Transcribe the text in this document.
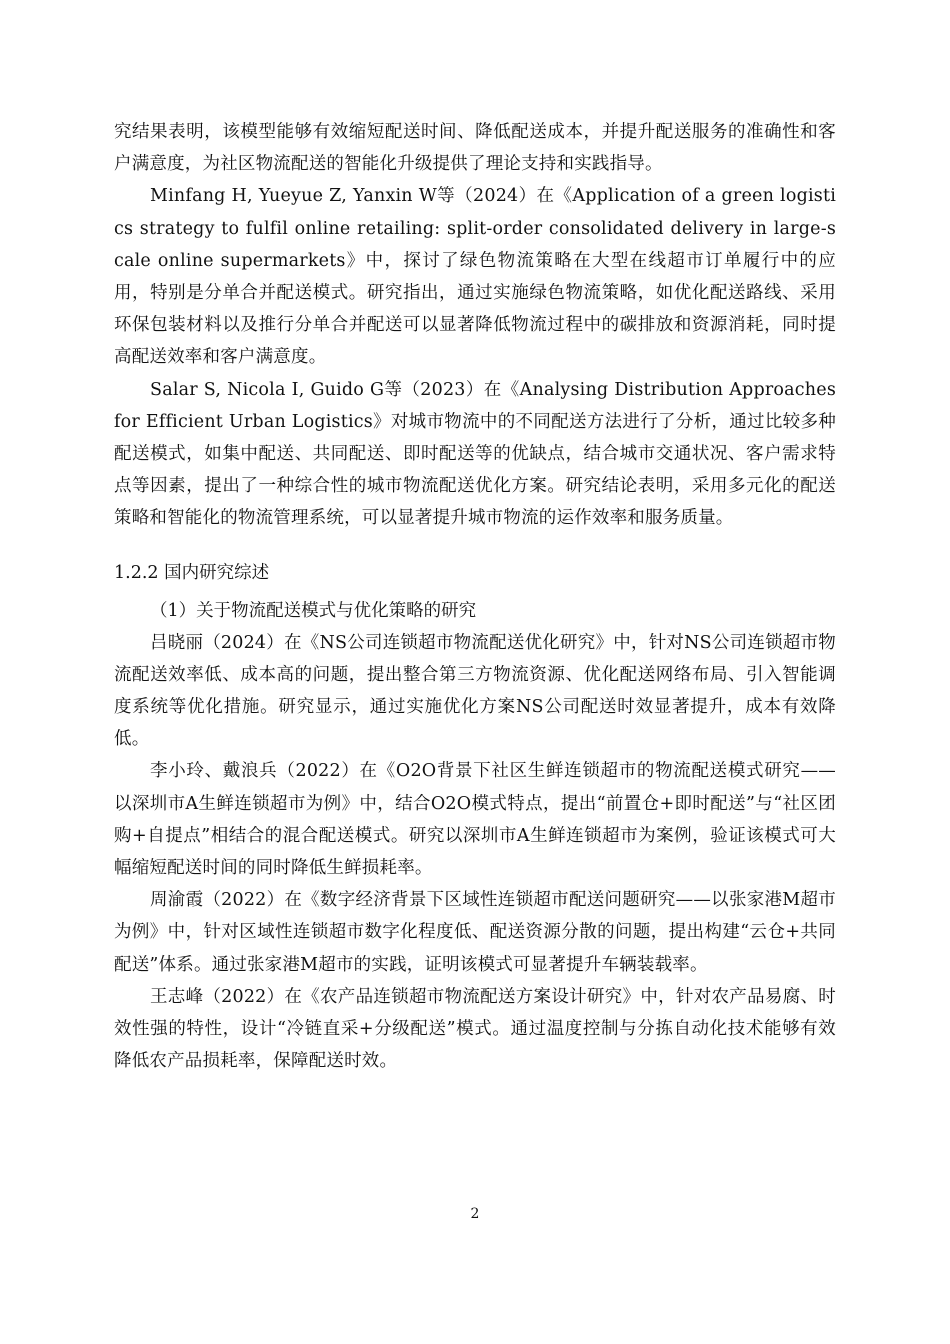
究结果表明，该模型能够有效缩短配送时间、降低配送成本，并提升配送服务的准确性和客户满意度，为社区物流配送的智能化升级提供了理论支持和实践指导。

Minfang H, Yueyue Z, Yanxin W等（2024）在《Application of a green logistics strategy to fulfil online retailing: split-order consolidated delivery in large-scale online supermarkets》中，探讨了绿色物流策略在大型在线超市订单履行中的应用，特别是分单合并配送模式。研究指出，通过实施绿色物流策略，如优化配送路线、采用环保包装材料以及推行分单合并配送可以显著降低物流过程中的碳排放和资源消耗，同时提高配送效率和客户满意度。

Salar S, Nicola I, Guido G等（2023）在《Analysing Distribution Approaches for Efficient Urban Logistics》对城市物流中的不同配送方法进行了分析，通过比较多种配送模式，如集中配送、共同配送、即时配送等的优缺点，结合城市交通状况、客户需求特点等因素，提出了一种综合性的城市物流配送优化方案。研究结论表明，采用多元化的配送策略和智能化的物流管理系统，可以显著提升城市物流的运作效率和服务质量。

1.2.2 国内研究综述
（1）关于物流配送模式与优化策略的研究

吕晓丽（2024）在《NS公司连锁超市物流配送优化研究》中，针对NS公司连锁超市物流配送效率低、成本高的问题，提出整合第三方物流资源、优化配送网络布局、引入智能调度系统等优化措施。研究显示，通过实施优化方案NS公司配送时效显著提升，成本有效降低。

李小玲、戴浪兵（2022）在《O2O背景下社区生鲜连锁超市的物流配送模式研究——以深圳市A生鲜连锁超市为例》中，结合O2O模式特点，提出“前置仓+即时配送”与“社区团购+自提点”相结合的混合配送模式。研究以深圳市A生鲜连锁超市为案例，验证该模式可大幅缩短配送时间的同时降低生鲜损耗率。

周渝霞（2022）在《数字经济背景下区域性连锁超市配送问题研究——以张家港M超市为例》中，针对区域性连锁超市数字化程度低、配送资源分散的问题，提出构建“云仓+共同配送”体系。通过张家港M超市的实践，证明该模式可显著提升车辆装载率。

王志峰（2022）在《农产品连锁超市物流配送方案设计研究》中，针对农产品易腐、时效性强的特性，设计“冷链直采+分级配送”模式。通过温度控制与分拣自动化技术能够有效降低农产品损耗率，保障配送时效。

2
